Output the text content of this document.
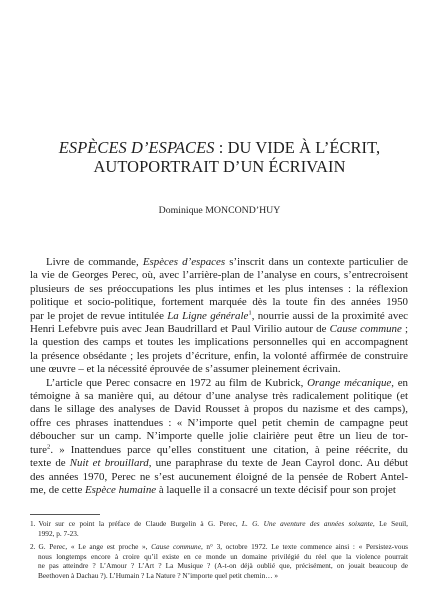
ESPÈCES D’ESPACES : DU VIDE À L’ÉCRIT,
AUTOPORTRAIT D’UN ÉCRIVAIN
Dominique MONCOND’HUY
Livre de commande, Espèces d’espaces s’inscrit dans un contexte particulier de
la vie de Georges Perec, où, avec l’arrière-plan de l’analyse en cours, s’entrecroisent
plusieurs de ses préoccupations les plus intimes et les plus intenses : la réflexion
politique et socio-politique, fortement marquée dès la toute fin des années 1950
par le projet de revue intitulée La Ligne générale$^1$, nourrie aussi de la proximité avec
Henri Lefebvre puis avec Jean Baudrillard et Paul Virilio autour de Cause commune ;
la question des camps et toutes les implications personnelles qui en accompagnent
la présence obsédante ; les projets d’écriture, enfin, la volonté affirmée de construire
une œuvre – et la nécessité éprouvée de s’assumer pleinement écrivain.
L’article que Perec consacre en 1972 au film de Kubrick, Orange mécanique, en
témoigne à sa manière qui, au détour d’une analyse très radicalement politique (et
dans le sillage des analyses de David Rousset à propos du nazisme et des camps),
offre ces phrases inattendues : « N’importe quel petit chemin de campagne peut
déboucher sur un camp. N’importe quelle jolie clairière peut être un lieu de tor-
ture$^2$. » Inattendues parce qu’elles constituent une citation, à peine réécrite, du
texte de Nuit et brouillard, une paraphrase du texte de Jean Cayrol donc. Au début
des années 1970, Perec ne s’est aucunement éloigné de la pensée de Robert Antel-
me, de cette Espèce humaine à laquelle il a consacré un texte décisif pour son projet
1. Voir sur ce point la préface de Claude Burgelin à G. Perec, L. G. Une aventure des années soixante, Le Seuil,
1992, p. 7-23.
2. G. Perec, « Le ange est proche », Cause commune, n° 3, octobre 1972. Le texte commence ainsi : « Persistez-vous
nous longtemps encore à croire qu’il existe en ce monde un domaine privilégié du réel que la violence pourrait
ne pas atteindre ? L’Amour ? L’Art ? La Musique ? (A-t-on déjà oublié que, précisément, on jouait beaucoup de
Beethoven à Dachau ?). L’Humain ? La Nature ? N’importe quel petit chemin… »
